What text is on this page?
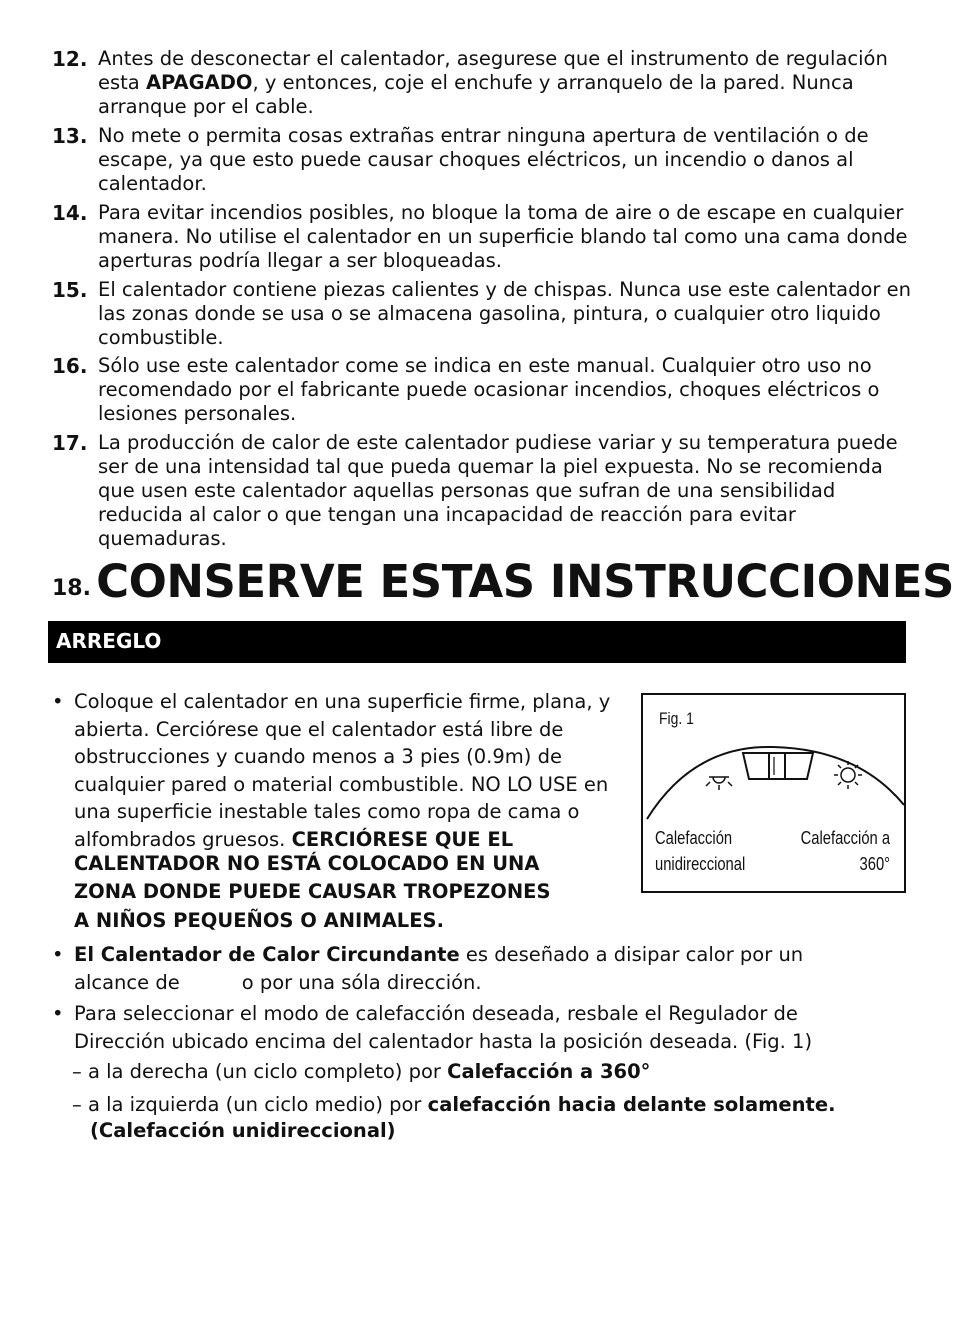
12. Antes de desconectar el calentador, asegurese que el instrumento de regulación esta APAGADO, y entonces, coje el enchufe y arranquelo de la pared. Nunca arranque por el cable.
13. No mete o permita cosas extrañas entrar ninguna apertura de ventilación o de escape, ya que esto puede causar choques eléctricos, un incendio o danos al calentador.
14. Para evitar incendios posibles, no bloque la toma de aire o de escape en cualquier manera. No utilise el calentador en un superficie blando tal como una cama donde aperturas podría llegar a ser bloqueadas.
15. El calentador contiene piezas calientes y de chispas. Nunca use este calentador en las zonas donde se usa o se almacena gasolina, pintura, o cualquier otro liquido combustible.
16. Sólo use este calentador come se indica en este manual. Cualquier otro uso no recomendado por el fabricante puede ocasionar incendios, choques eléctricos o lesiones personales.
17. La producción de calor de este calentador pudiese variar y su temperatura puede ser de una intensidad tal que pueda quemar la piel expuesta. No se recomienda que usen este calentador aquellas personas que sufran de una sensibilidad reducida al calor o que tengan una incapacidad de reacción para evitar quemaduras.
18. CONSERVE ESTAS INSTRUCCIONES
ARREGLO
• Coloque el calentador en una superficie firme, plana, y abierta. Cerciórese que el calentador está libre de obstrucciones y cuando menos a 3 pies (0.9m) de cualquier pared o material combustible. NO LO USE en una superficie inestable tales como ropa de cama o alfombrados gruesos. CERCIÓRESE QUE EL
CALENTADOR NO ESTÁ COLOCADO EN UNA
ZONA DONDE PUEDE CAUSAR TROPEZONES
A NIÑOS PEQUEÑOS O ANIMALES.
• El Calentador de Calor Circundante es deseñado a disipar calor por un
alcance de	o por una sóla dirección.
• Para seleccionar el modo de calefacción deseada, resbale el Regulador de Dirección ubicado encima del calentador hasta la posición deseada. (Fig. 1)
– a la derecha (un ciclo completo) por Calefacción a 360°
– a la izquierda (un ciclo medio) por calefacción hacia delante solamente.
(Calefacción unidireccional)
Fig. 1
Calefacción
unidireccional
Calefacción a
360°
